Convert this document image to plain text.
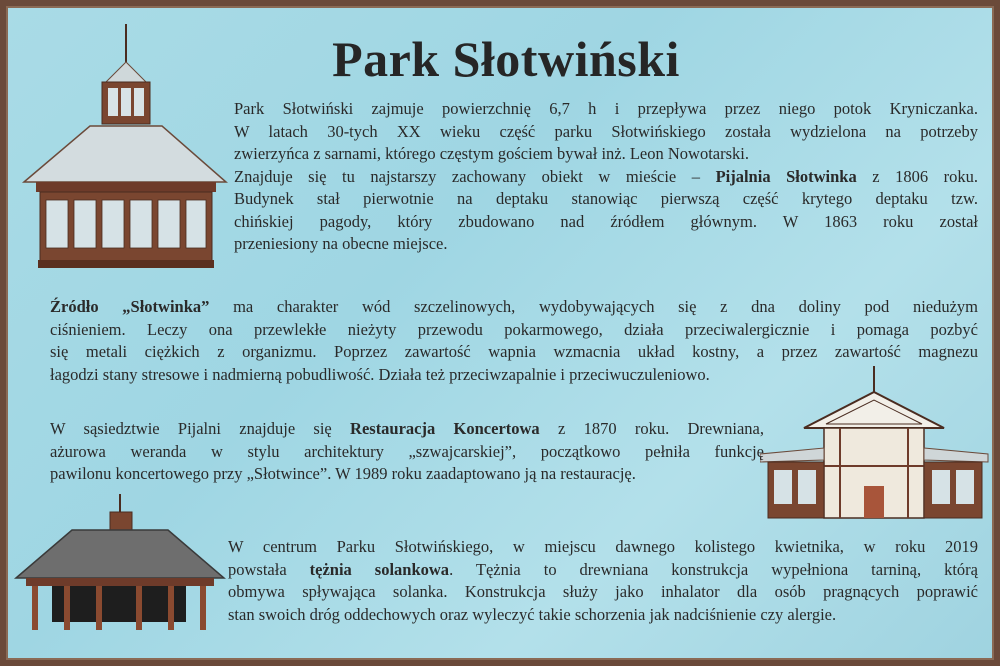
Park Słotwiński
Park Słotwiński zajmuje powierzchnię 6,7 h i przepływa przez niego potok Kryniczanka.
W latach 30-tych XX wieku część parku Słotwińskiego została wydzielona na potrzeby
zwierzyńca z sarnami, którego częstym gościem bywał inż. Leon Nowotarski.
Znajduje się tu najstarszy zachowany obiekt w mieście – Pijalnia Słotwinka z 1806 roku.
Budynek stał pierwotnie na deptaku stanowiąc pierwszą część krytego deptaku tzw.
chińskiej pagody, który zbudowano nad źródłem głównym. W 1863 roku został
przeniesiony na obecne miejsce.
Źródło „Słotwinka” ma charakter wód szczelinowych, wydobywających się z dna doliny pod niedużym
ciśnieniem. Leczy ona przewlekłe nieżyty przewodu pokarmowego, działa przeciwalergicznie i pomaga pozbyć
się metali ciężkich z organizmu. Poprzez zawartość wapnia wzmacnia układ kostny, a przez zawartość magnezu
łagodzi stany stresowe i nadmierną pobudliwość. Działa też przeciwzapalnie i przeciwuczuleniowo.
W sąsiedztwie Pijalni znajduje się Restauracja Koncertowa z 1870 roku. Drewniana,
ażurowa weranda w stylu architektury „szwajcarskiej”, początkowo pełniła funkcję
pawilonu koncertowego przy „Słotwince”. W 1989 roku zaadaptowano ją na restaurację.
W centrum Parku Słotwińskiego, w miejscu dawnego kolistego kwietnika, w roku 2019
powstała tężnia solankowa. Tężnia to drewniana konstrukcja wypełniona tarniną, którą
obmywa spływająca solanka. Konstrukcja służy jako inhalator dla osób pragnących poprawić
stan swoich dróg oddechowych oraz wyleczyć takie schorzenia jak nadciśnienie czy alergie.
